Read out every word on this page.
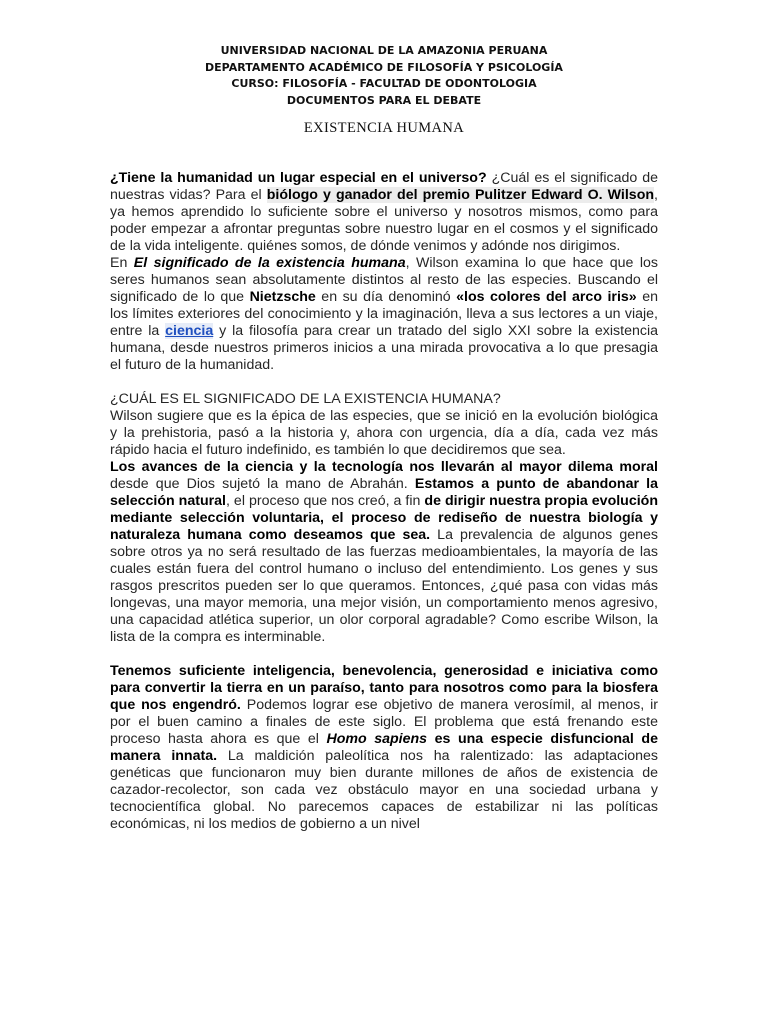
UNIVERSIDAD NACIONAL DE LA AMAZONIA PERUANA
DEPARTAMENTO ACADÉMICO DE FILOSOFÍA Y PSICOLOGÍA
CURSO: FILOSOFÍA - FACULTAD DE ODONTOLOGIA
DOCUMENTOS PARA EL DEBATE
EXISTENCIA HUMANA

¿Tiene la humanidad un lugar especial en el universo? ¿Cuál es el significado de nuestras vidas? Para el biólogo y ganador del premio Pulitzer Edward O. Wilson, ya hemos aprendido lo suficiente sobre el universo y nosotros mismos, como para poder empezar a afrontar preguntas sobre nuestro lugar en el cosmos y el significado de la vida inteligente. quiénes somos, de dónde venimos y adónde nos dirigimos.

En El significado de la existencia humana, Wilson examina lo que hace que los seres humanos sean absolutamente distintos al resto de las especies. Buscando el significado de lo que Nietzsche en su día denominó «los colores del arco iris» en los límites exteriores del conocimiento y la imaginación, lleva a sus lectores a un viaje, entre la ciencia y la filosofía para crear un tratado del siglo XXI sobre la existencia humana, desde nuestros primeros inicios a una mirada provocativa a lo que presagia el futuro de la humanidad.

¿CUÁL ES EL SIGNIFICADO DE LA EXISTENCIA HUMANA?

Wilson sugiere que es la épica de las especies, que se inició en la evolución biológica y la prehistoria, pasó a la historia y, ahora con urgencia, día a día, cada vez más rápido hacia el futuro indefinido, es también lo que decidiremos que sea.

Los avances de la ciencia y la tecnología nos llevarán al mayor dilema moral desde que Dios sujetó la mano de Abrahán. Estamos a punto de abandonar la selección natural, el proceso que nos creó, a fin de dirigir nuestra propia evolución mediante selección voluntaria, el proceso de rediseño de nuestra biología y naturaleza humana como deseamos que sea. La prevalencia de algunos genes sobre otros ya no será resultado de las fuerzas medioambientales, la mayoría de las cuales están fuera del control humano o incluso del entendimiento. Los genes y sus rasgos prescritos pueden ser lo que queramos. Entonces, ¿qué pasa con vidas más longevas, una mayor memoria, una mejor visión, un comportamiento menos agresivo, una capacidad atlética superior, un olor corporal agradable? Como escribe Wilson, la lista de la compra es interminable.

Tenemos suficiente inteligencia, benevolencia, generosidad e iniciativa como para convertir la tierra en un paraíso, tanto para nosotros como para la biosfera que nos engendró. Podemos lograr ese objetivo de manera verosímil, al menos, ir por el buen camino a finales de este siglo. El problema que está frenando este proceso hasta ahora es que el Homo sapiens es una especie disfuncional de manera innata. La maldición paleolítica nos ha ralentizado: las adaptaciones genéticas que funcionaron muy bien durante millones de años de existencia de cazador-recolector, son cada vez obstáculo mayor en una sociedad urbana y tecnocientífica global. No parecemos capaces de estabilizar ni las políticas económicas, ni los medios de gobierno a un nivel
